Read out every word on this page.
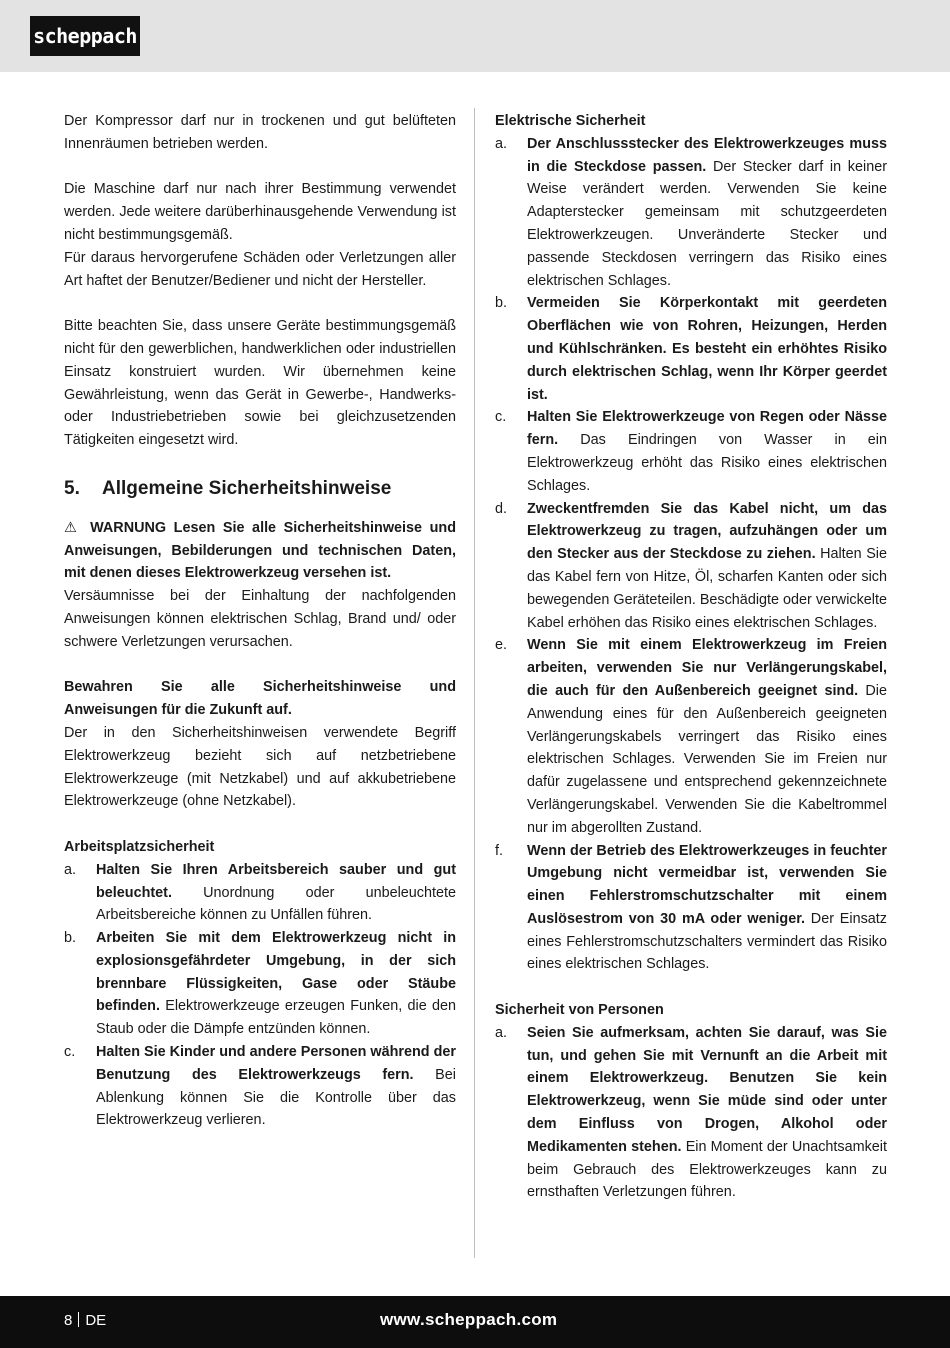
scheppach

Der Kompressor darf nur in trockenen und gut belüfteten Innenräumen betrieben werden.

Die Maschine darf nur nach ihrer Bestimmung verwendet werden. Jede weitere darüberhinausgehende Verwendung ist nicht bestimmungsgemäß.

Für daraus hervorgerufene Schäden oder Verletzungen aller Art haftet der Benutzer/Bediener und nicht der Hersteller.

Bitte beachten Sie, dass unsere Geräte bestimmungsgemäß nicht für den gewerblichen, handwerklichen oder industriellen Einsatz konstruiert wurden. Wir übernehmen keine Gewährleistung, wenn das Gerät in Gewerbe-, Handwerks- oder Industriebetrieben sowie bei gleichzusetzenden Tätigkeiten eingesetzt wird.

5. Allgemeine Sicherheitshinweise
⚠ WARNUNG Lesen Sie alle Sicherheitshinweise und Anweisungen, Bebilderungen und technischen Daten, mit denen dieses Elektrowerkzeug versehen ist.
Versäumnisse bei der Einhaltung der nachfolgenden Anweisungen können elektrischen Schlag, Brand und/ oder schwere Verletzungen verursachen.
Bewahren Sie alle Sicherheitshinweise und Anweisungen für die Zukunft auf.
Der in den Sicherheitshinweisen verwendete Begriff Elektrowerkzeug bezieht sich auf netzbetriebene Elektrowerkzeuge (mit Netzkabel) und auf akkubetriebene Elektrowerkzeuge (ohne Netzkabel).
Arbeitsplatzsicherheit
a. Halten Sie Ihren Arbeitsbereich sauber und gut beleuchtet. Unordnung oder unbeleuchtete Arbeitsbereiche können zu Unfällen führen.
b. Arbeiten Sie mit dem Elektrowerkzeug nicht in explosionsgefährdeter Umgebung, in der sich brennbare Flüssigkeiten, Gase oder Stäube befinden. Elektrowerkzeuge erzeugen Funken, die den Staub oder die Dämpfe entzünden können.
c. Halten Sie Kinder und andere Personen während der Benutzung des Elektrowerkzeugs fern. Bei Ablenkung können Sie die Kontrolle über das Elektrowerkzeug verlieren.
Elektrische Sicherheit
a. Der Anschlussstecker des Elektrowerkzeuges muss in die Steckdose passen. Der Stecker darf in keiner Weise verändert werden. Verwenden Sie keine Adapterstecker gemeinsam mit schutzgeerdeten Elektrowerkzeugen. Unveränderte Stecker und passende Steckdosen verringern das Risiko eines elektrischen Schlages.
b. Vermeiden Sie Körperkontakt mit geerdeten Oberflächen wie von Rohren, Heizungen, Herden und Kühlschränken. Es besteht ein erhöhtes Risiko durch elektrischen Schlag, wenn Ihr Körper geerdet ist.
c. Halten Sie Elektrowerkzeuge von Regen oder Nässe fern. Das Eindringen von Wasser in ein Elektrowerkzeug erhöht das Risiko eines elektrischen Schlages.
d. Zweckentfremden Sie das Kabel nicht, um das Elektrowerkzeug zu tragen, aufzuhängen oder um den Stecker aus der Steckdose zu ziehen. Halten Sie das Kabel fern von Hitze, Öl, scharfen Kanten oder sich bewegenden Geräteteilen. Beschädigte oder verwickelte Kabel erhöhen das Risiko eines elektrischen Schlages.
e. Wenn Sie mit einem Elektrowerkzeug im Freien arbeiten, verwenden Sie nur Verlängerungskabel, die auch für den Außenbereich geeignet sind. Die Anwendung eines für den Außenbereich geeigneten Verlängerungskabels verringert das Risiko eines elektrischen Schlages. Verwenden Sie im Freien nur dafür zugelassene und entsprechend gekennzeichnete Verlängerungskabel. Verwenden Sie die Kabeltrommel nur im abgerollten Zustand.
f. Wenn der Betrieb des Elektrowerkzeuges in feuchter Umgebung nicht vermeidbar ist, verwenden Sie einen Fehlerstromschutzschalter mit einem Auslösestrom von 30 mA oder weniger. Der Einsatz eines Fehlerstromschutzschalters vermindert das Risiko eines elektrischen Schlages.
Sicherheit von Personen
a. Seien Sie aufmerksam, achten Sie darauf, was Sie tun, und gehen Sie mit Vernunft an die Arbeit mit einem Elektrowerkzeug. Benutzen Sie kein Elektrowerkzeug, wenn Sie müde sind oder unter dem Einfluss von Drogen, Alkohol oder Medikamenten stehen. Ein Moment der Unachtsamkeit beim Gebrauch des Elektrowerkzeuges kann zu ernsthaften Verletzungen führen.
8 DE	www.scheppach.com
